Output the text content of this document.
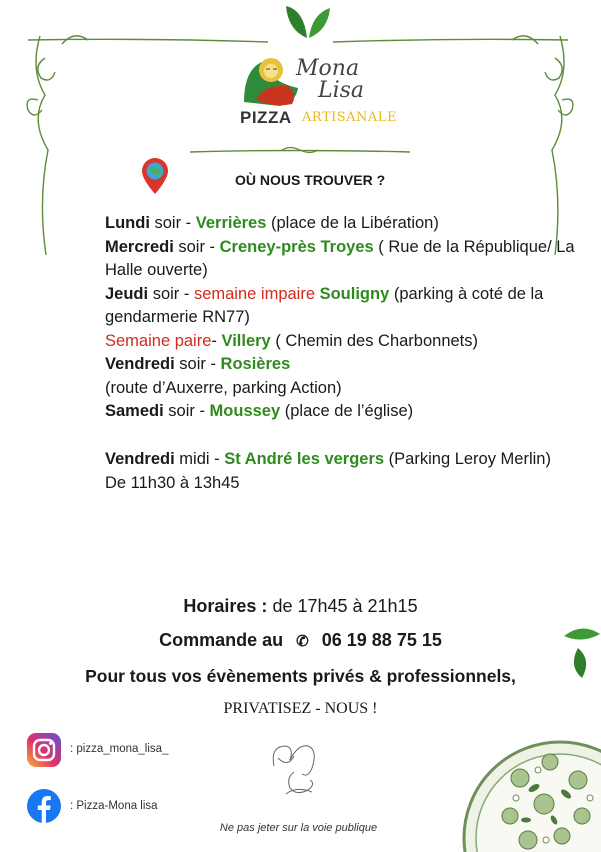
Mona
Lisa
PIZZA ARTISANALE
OÙ NOUS TROUVER ?

Lundi soir - Verrières (place de la Libération)

Mercredi soir - Creney-près Troyes ( Rue de la République/ La Halle ouverte)

Jeudi soir - semaine impaire Souligny (parking à coté de la gendarmerie RN77)

Semaine paire- Villery ( Chemin des Charbonnets)

Vendredi soir - Rosières

(route d’Auxerre, parking Action)

Samedi soir - Moussey (place de l’église)

Vendredi midi - St André les vergers (Parking Leroy Merlin) De 11h30 à 13h45

Horaires : de 17h45 à 21h15
Commande au ✆ 06 19 88 75 15
Pour tous vos évènements privés & professionnels,
PRIVATISEZ - NOUS !
: pizza_mona_lisa_
: Pizza-Mona lisa
Ne pas jeter sur la voie publique
